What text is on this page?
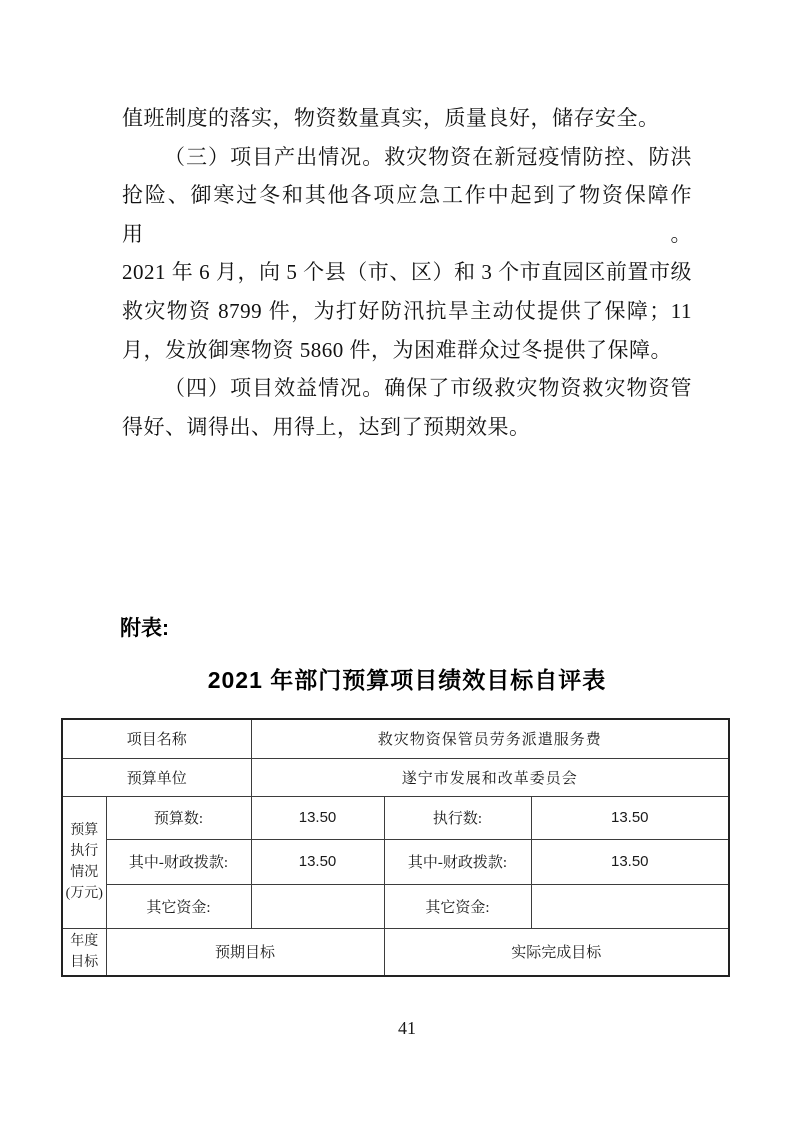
值班制度的落实，物资数量真实，质量良好，储存安全。
（三）项目产出情况。救灾物资在新冠疫情防控、防洪
抢险、御寒过冬和其他各项应急工作中起到了物资保障作用。
2021 年 6 月，向 5 个县（市、区）和 3 个市直园区前置市级
救灾物资 8799 件，为打好防汛抗旱主动仗提供了保障；11
月，发放御寒物资 5860 件，为困难群众过冬提供了保障。
（四）项目效益情况。确保了市级救灾物资救灾物资管
得好、调得出、用得上，达到了预期效果。
附表:
2021 年部门预算项目绩效目标自评表
项目名称		救灾物资保管员劳务派遣服务费		
预算单位		遂宁市发展和改革委员会		

预算
执行
情况
(万元)	预算数:	13.50	执行数:	13.50
	其中-财政拨款:	13.50	其中-财政拨款:	13.50
	其它资金:		其它资金:	

年度
目标	预期目标		实际完成目标	
41
